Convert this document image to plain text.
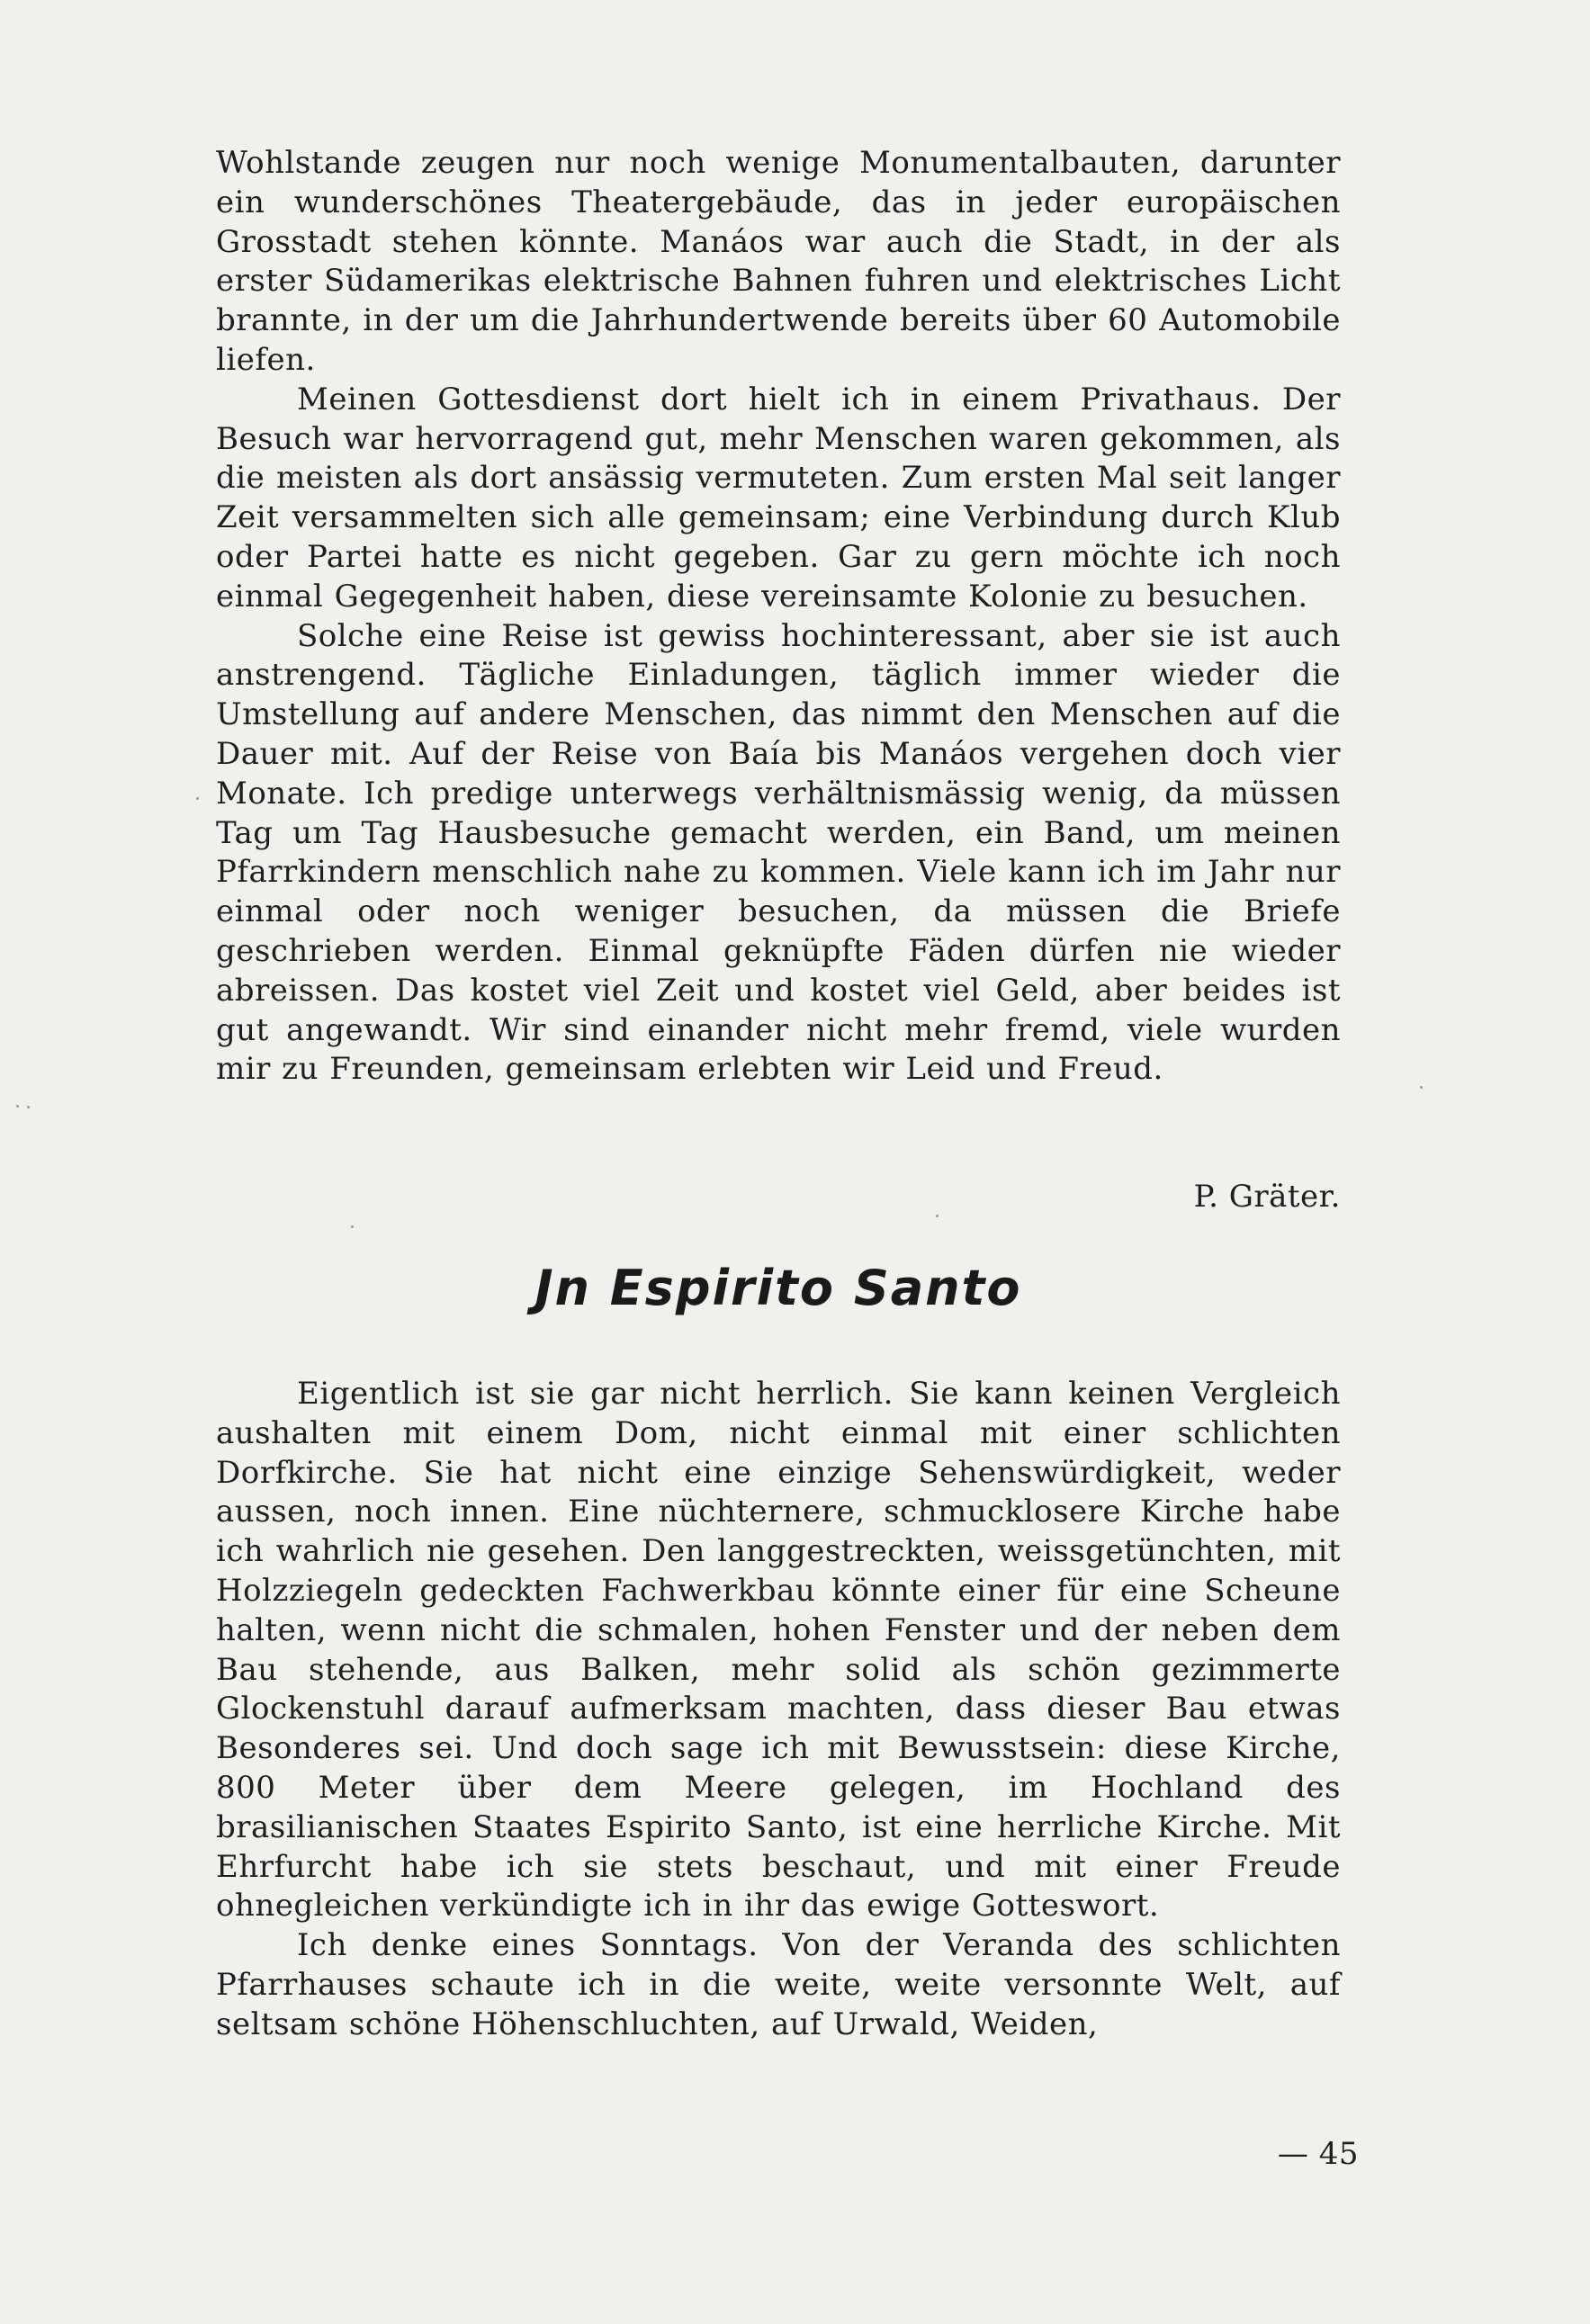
Wohlstande zeugen nur noch wenige Monumentalbauten, darunter ein wunderschönes Theatergebäude, das in jeder europäischen Grosstadt stehen könnte. Manáos war auch die Stadt, in der als erster Südamerikas elektrische Bahnen fuhren und elektrisches Licht brannte, in der um die Jahrhundertwende bereits über 60 Automobile liefen.

Meinen Gottesdienst dort hielt ich in einem Privathaus. Der Besuch war hervorragend gut, mehr Menschen waren gekommen, als die meisten als dort ansässig vermuteten. Zum ersten Mal seit langer Zeit versammelten sich alle gemeinsam; eine Verbindung durch Klub oder Partei hatte es nicht gegeben. Gar zu gern möchte ich noch einmal Gegegenheit haben, diese vereinsamte Kolonie zu besuchen.

Solche eine Reise ist gewiss hochinteressant, aber sie ist auch anstrengend. Tägliche Einladungen, täglich immer wieder die Umstellung auf andere Menschen, das nimmt den Menschen auf die Dauer mit. Auf der Reise von Baía bis Manáos vergehen doch vier Monate. Ich predige unterwegs verhältnismässig wenig, da müssen Tag um Tag Hausbesuche gemacht werden, ein Band, um meinen Pfarrkindern menschlich nahe zu kommen. Viele kann ich im Jahr nur einmal oder noch weniger besuchen, da müssen die Briefe geschrieben werden. Einmal geknüpfte Fäden dürfen nie wieder abreissen. Das kostet viel Zeit und kostet viel Geld, aber beides ist gut angewandt. Wir sind einander nicht mehr fremd, viele wurden mir zu Freunden, gemeinsam erlebten wir Leid und Freud.

P. Gräter.
Jn Espirito Santo

Eigentlich ist sie gar nicht herrlich. Sie kann keinen Vergleich aushalten mit einem Dom, nicht einmal mit einer schlichten Dorfkirche. Sie hat nicht eine einzige Sehenswürdigkeit, weder aussen, noch innen. Eine nüchternere, schmucklosere Kirche habe ich wahrlich nie gesehen. Den langgestreckten, weissgetünchten, mit Holzziegeln gedeckten Fachwerkbau könnte einer für eine Scheune halten, wenn nicht die schmalen, hohen Fenster und der neben dem Bau stehende, aus Balken, mehr solid als schön gezimmerte Glockenstuhl darauf aufmerksam machten, dass dieser Bau etwas Besonderes sei. Und doch sage ich mit Bewusstsein: diese Kirche, 800 Meter über dem Meere gelegen, im Hochland des brasilianischen Staates Espirito Santo, ist eine herrliche Kirche. Mit Ehrfurcht habe ich sie stets beschaut, und mit einer Freude ohnegleichen verkündigte ich in ihr das ewige Gotteswort.

Ich denke eines Sonntags. Von der Veranda des schlichten Pfarrhauses schaute ich in die weite, weite versonnte Welt, auf seltsam schöne Höhenschluchten, auf Urwald, Weiden,

— 45
